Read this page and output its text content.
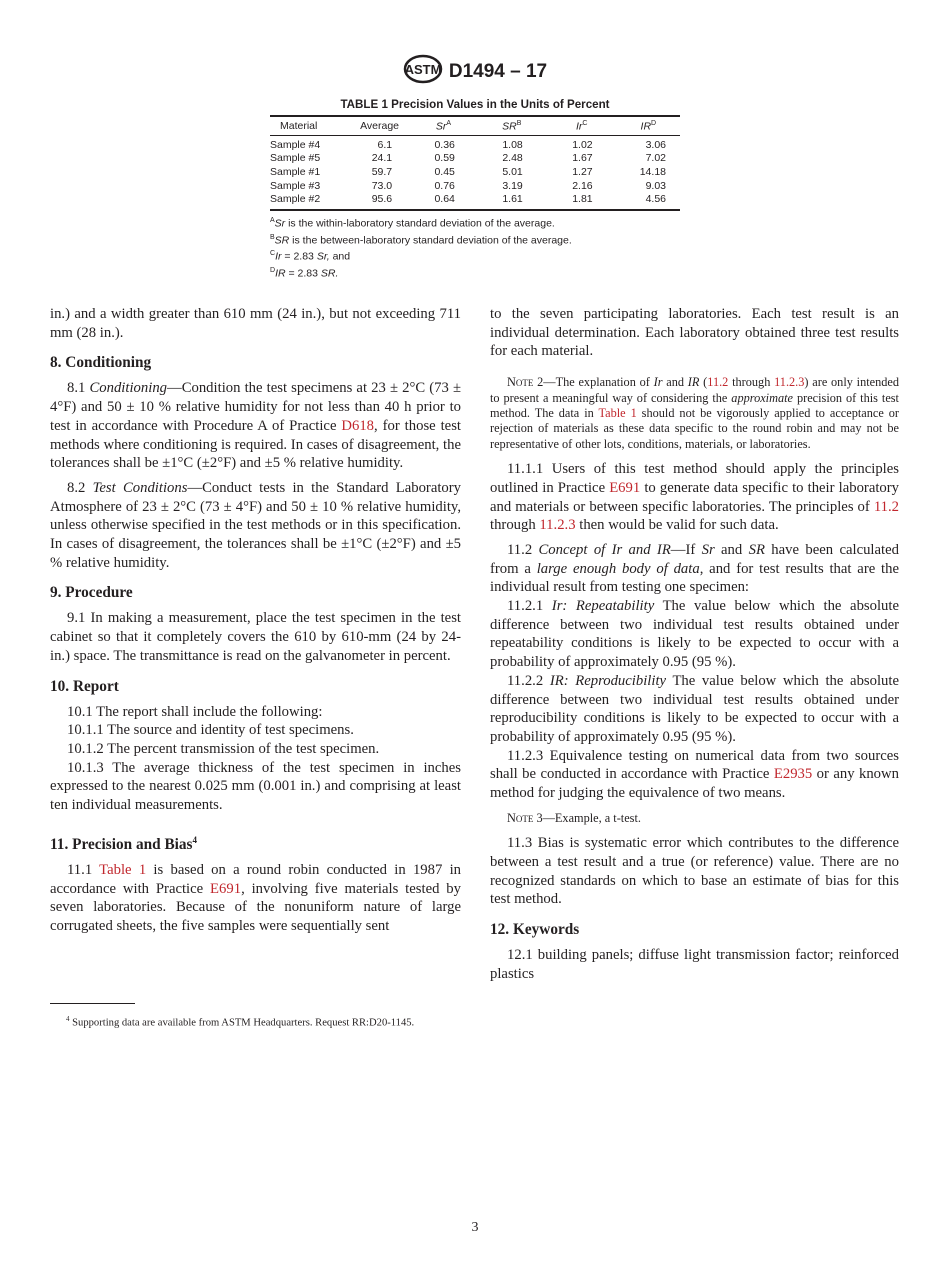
ASTM D1494 – 17
TABLE 1 Precision Values in the Units of Percent
Material	Average	$Sr^A$	$SR^B$	$Ir^C$	$IR^D$
Sample #4	6.1	0.36	1.08	1.02	3.06
Sample #5	24.1	0.59	2.48	1.67	7.02
Sample #1	59.7	0.45	5.01	1.27	14.18
Sample #3	73.0	0.76	3.19	2.16	9.03
Sample #2	95.6	0.64	1.61	1.81	4.56
$^A$Sr is the within-laboratory standard deviation of the average.
$^B$SR is the between-laboratory standard deviation of the average.
$^C$Ir = 2.83 Sr, and
$^D$IR = 2.83 SR.

in.) and a width greater than 610 mm (24 in.), but not exceeding 711 mm (28 in.).

8. Conditioning

8.1 Conditioning—Condition the test specimens at 23 ± 2°C (73 ± 4°F) and 50 ± 10 % relative humidity for not less than 40 h prior to test in accordance with Procedure A of Practice D618, for those test methods where conditioning is required. In cases of disagreement, the tolerances shall be ±1°C (±2°F) and ±5 % relative humidity.

8.2 Test Conditions—Conduct tests in the Standard Laboratory Atmosphere of 23 ± 2°C (73 ± 4°F) and 50 ± 10 % relative humidity, unless otherwise specified in the test methods or in this specification. In cases of disagreement, the tolerances shall be ±1°C (±2°F) and ±5 % relative humidity.

9. Procedure

9.1 In making a measurement, place the test specimen in the test cabinet so that it completely covers the 610 by 610-mm (24 by 24-in.) space. The transmittance is read on the galvanometer in percent.

10. Report

10.1 The report shall include the following:

10.1.1 The source and identity of test specimens.

10.1.2 The percent transmission of the test specimen.

10.1.3 The average thickness of the test specimen in inches expressed to the nearest 0.025 mm (0.001 in.) and comprising at least ten individual measurements.

11. Precision and Bias$^4$

11.1 Table 1 is based on a round robin conducted in 1987 in accordance with Practice E691, involving five materials tested by seven laboratories. Because of the nonuniform nature of large corrugated sheets, the five samples were sequentially sent

$^4$ Supporting data are available from ASTM Headquarters. Request RR:D20-1145.

to the seven participating laboratories. Each test result is an individual determination. Each laboratory obtained three test results for each material.

Note 2—The explanation of Ir and IR (11.2 through 11.2.3) are only intended to present a meaningful way of considering the approximate precision of this test method. The data in Table 1 should not be vigorously applied to acceptance or rejection of materials as these data specific to the round robin and may not be representative of other lots, conditions, materials, or laboratories.

11.1.1 Users of this test method should apply the principles outlined in Practice E691 to generate data specific to their laboratory and materials or between specific laboratories. The principles of 11.2 through 11.2.3 then would be valid for such data.

11.2 Concept of Ir and IR—If Sr and SR have been calculated from a large enough body of data, and for test results that are the individual result from testing one specimen:

11.2.1 Ir: Repeatability The value below which the absolute difference between two individual test results obtained under repeatability conditions is likely to be expected to occur with a probability of approximately 0.95 (95 %).

11.2.2 IR: Reproducibility The value below which the absolute difference between two individual test results obtained under reproducibility conditions is likely to be expected to occur with a probability of approximately 0.95 (95 %).

11.2.3 Equivalence testing on numerical data from two sources shall be conducted in accordance with Practice E2935 or any known method for judging the equivalence of two means.

Note 3—Example, a t-test.

11.3 Bias is systematic error which contributes to the difference between a test result and a true (or reference) value. There are no recognized standards on which to base an estimate of bias for this test method.

12. Keywords

12.1 building panels; diffuse light transmission factor; reinforced plastics

3
